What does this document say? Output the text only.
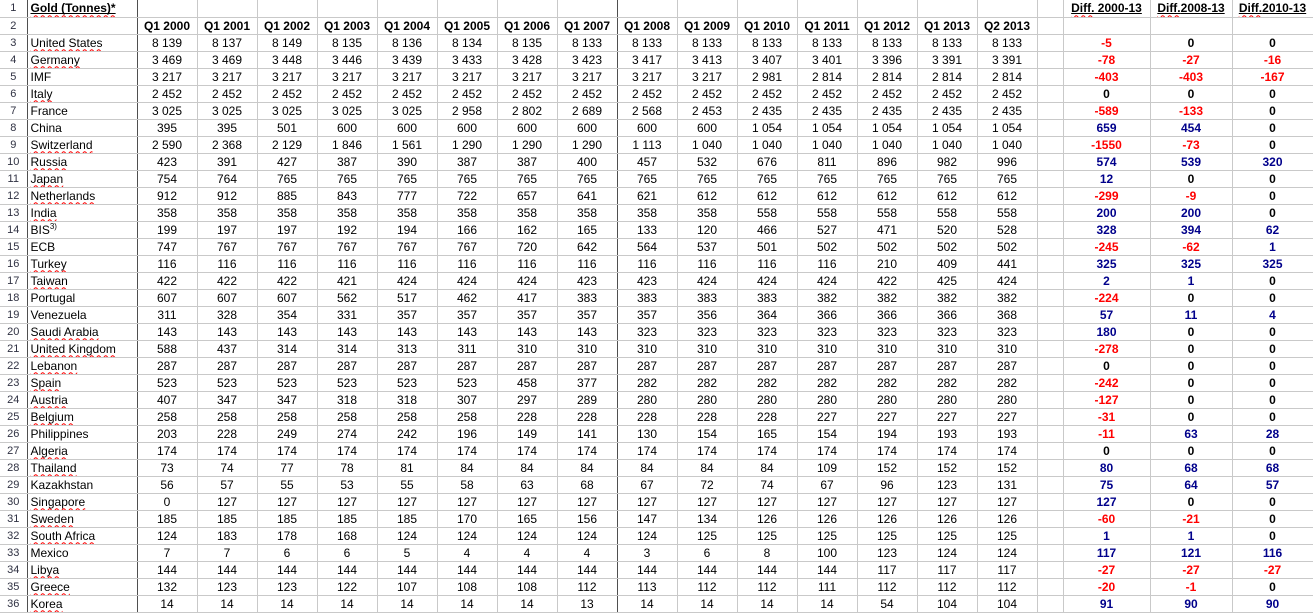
1	Gold (Tonnes)*																	Diff. 2000-13	Diff.2008-13	Diff.2010-13
2		Q1 2000	Q1 2001	Q1 2002	Q1 2003	Q1 2004	Q1 2005	Q1 2006	Q1 2007	Q1 2008	Q1 2009	Q1 2010	Q1 2011	Q1 2012	Q1 2013	Q2 2013				
3	United States	8 139	8 137	8 149	8 135	8 136	8 134	8 135	8 133	8 133	8 133	8 133	8 133	8 133	8 133	8 133		-5	0	0
4	Germany	3 469	3 469	3 448	3 446	3 439	3 433	3 428	3 423	3 417	3 413	3 407	3 401	3 396	3 391	3 391		-78	-27	-16
5	IMF	3 217	3 217	3 217	3 217	3 217	3 217	3 217	3 217	3 217	3 217	2 981	2 814	2 814	2 814	2 814		-403	-403	-167
6	Italy	2 452	2 452	2 452	2 452	2 452	2 452	2 452	2 452	2 452	2 452	2 452	2 452	2 452	2 452	2 452		0	0	0
7	France	3 025	3 025	3 025	3 025	3 025	2 958	2 802	2 689	2 568	2 453	2 435	2 435	2 435	2 435	2 435		-589	-133	0
8	China	395	395	501	600	600	600	600	600	600	600	1 054	1 054	1 054	1 054	1 054		659	454	0
9	Switzerland	2 590	2 368	2 129	1 846	1 561	1 290	1 290	1 290	1 113	1 040	1 040	1 040	1 040	1 040	1 040		-1550	-73	0
10	Russia	423	391	427	387	390	387	387	400	457	532	676	811	896	982	996		574	539	320
11	Japan	754	764	765	765	765	765	765	765	765	765	765	765	765	765	765		12	0	0
12	Netherlands	912	912	885	843	777	722	657	641	621	612	612	612	612	612	612		-299	-9	0
13	India	358	358	358	358	358	358	358	358	358	358	558	558	558	558	558		200	200	0
14	BIS$^{3)}$	199	197	197	192	194	166	162	165	133	120	466	527	471	520	528		328	394	62
15	ECB	747	767	767	767	767	767	720	642	564	537	501	502	502	502	502		-245	-62	1
16	Turkey	116	116	116	116	116	116	116	116	116	116	116	116	210	409	441		325	325	325
17	Taiwan	422	422	422	421	424	424	424	423	423	424	424	424	422	425	424		2	1	0
18	Portugal	607	607	607	562	517	462	417	383	383	383	383	382	382	382	382		-224	0	0
19	Venezuela	311	328	354	331	357	357	357	357	357	356	364	366	366	366	368		57	11	4
20	Saudi Arabia	143	143	143	143	143	143	143	143	323	323	323	323	323	323	323		180	0	0
21	United Kingdom	588	437	314	314	313	311	310	310	310	310	310	310	310	310	310		-278	0	0
22	Lebanon	287	287	287	287	287	287	287	287	287	287	287	287	287	287	287		0	0	0
23	Spain	523	523	523	523	523	523	458	377	282	282	282	282	282	282	282		-242	0	0
24	Austria	407	347	347	318	318	307	297	289	280	280	280	280	280	280	280		-127	0	0
25	Belgium	258	258	258	258	258	258	228	228	228	228	228	227	227	227	227		-31	0	0
26	Philippines	203	228	249	274	242	196	149	141	130	154	165	154	194	193	193		-11	63	28
27	Algeria	174	174	174	174	174	174	174	174	174	174	174	174	174	174	174		0	0	0
28	Thailand	73	74	77	78	81	84	84	84	84	84	84	109	152	152	152		80	68	68
29	Kazakhstan	56	57	55	53	55	58	63	68	67	72	74	67	96	123	131		75	64	57
30	Singapore	0	127	127	127	127	127	127	127	127	127	127	127	127	127	127		127	0	0
31	Sweden	185	185	185	185	185	170	165	156	147	134	126	126	126	126	126		-60	-21	0
32	South Africa	124	183	178	168	124	124	124	124	124	125	125	125	125	125	125		1	1	0
33	Mexico	7	7	6	6	5	4	4	4	3	6	8	100	123	124	124		117	121	116
34	Libya	144	144	144	144	144	144	144	144	144	144	144	144	117	117	117		-27	-27	-27
35	Greece	132	123	123	122	107	108	108	112	113	112	112	111	112	112	112		-20	-1	0
36	Korea	14	14	14	14	14	14	14	13	14	14	14	14	54	104	104		91	90	90
